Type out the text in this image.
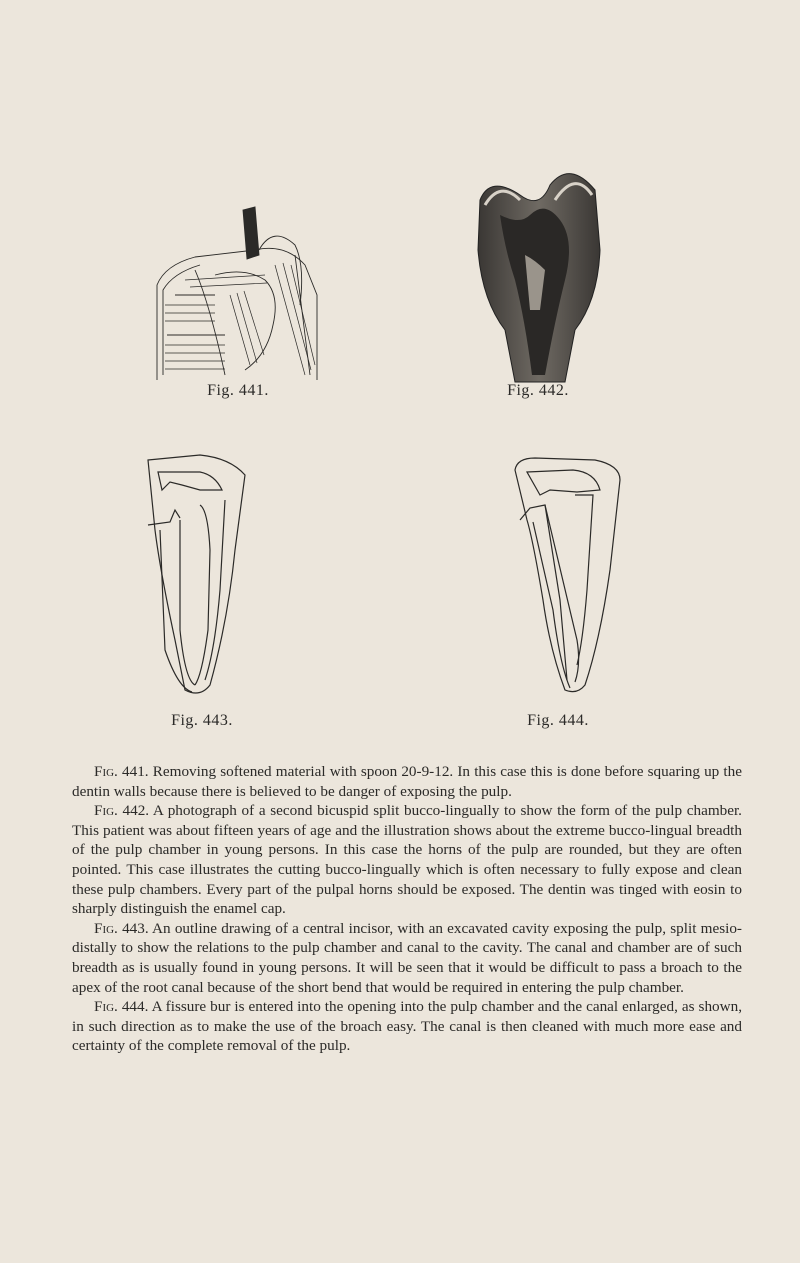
Fig. 441.	Fig. 442.
Fig. 443.	Fig. 444.

Fig. 441. Removing softened material with spoon 20-9-12. In this case this is done before squaring up the dentin walls because there is believed to be danger of exposing the pulp.

Fig. 442. A photograph of a second bicuspid split bucco-lingually to show the form of the pulp chamber. This patient was about fifteen years of age and the illustration shows about the extreme bucco-lingual breadth of the pulp chamber in young persons. In this case the horns of the pulp are rounded, but they are often pointed. This case illustrates the cutting bucco-lingually which is often necessary to fully expose and clean these pulp chambers. Every part of the pulpal horns should be exposed. The dentin was tinged with eosin to sharply distinguish the enamel cap.

Fig. 443. An outline drawing of a central incisor, with an excavated cavity exposing the pulp, split mesio-distally to show the relations to the pulp chamber and canal to the cavity. The canal and chamber are of such breadth as is usually found in young persons. It will be seen that it would be difficult to pass a broach to the apex of the root canal because of the short bend that would be required in entering the pulp chamber.

Fig. 444. A fissure bur is entered into the opening into the pulp chamber and the canal enlarged, as shown, in such direction as to make the use of the broach easy. The canal is then cleaned with much more ease and certainty of the complete removal of the pulp.
